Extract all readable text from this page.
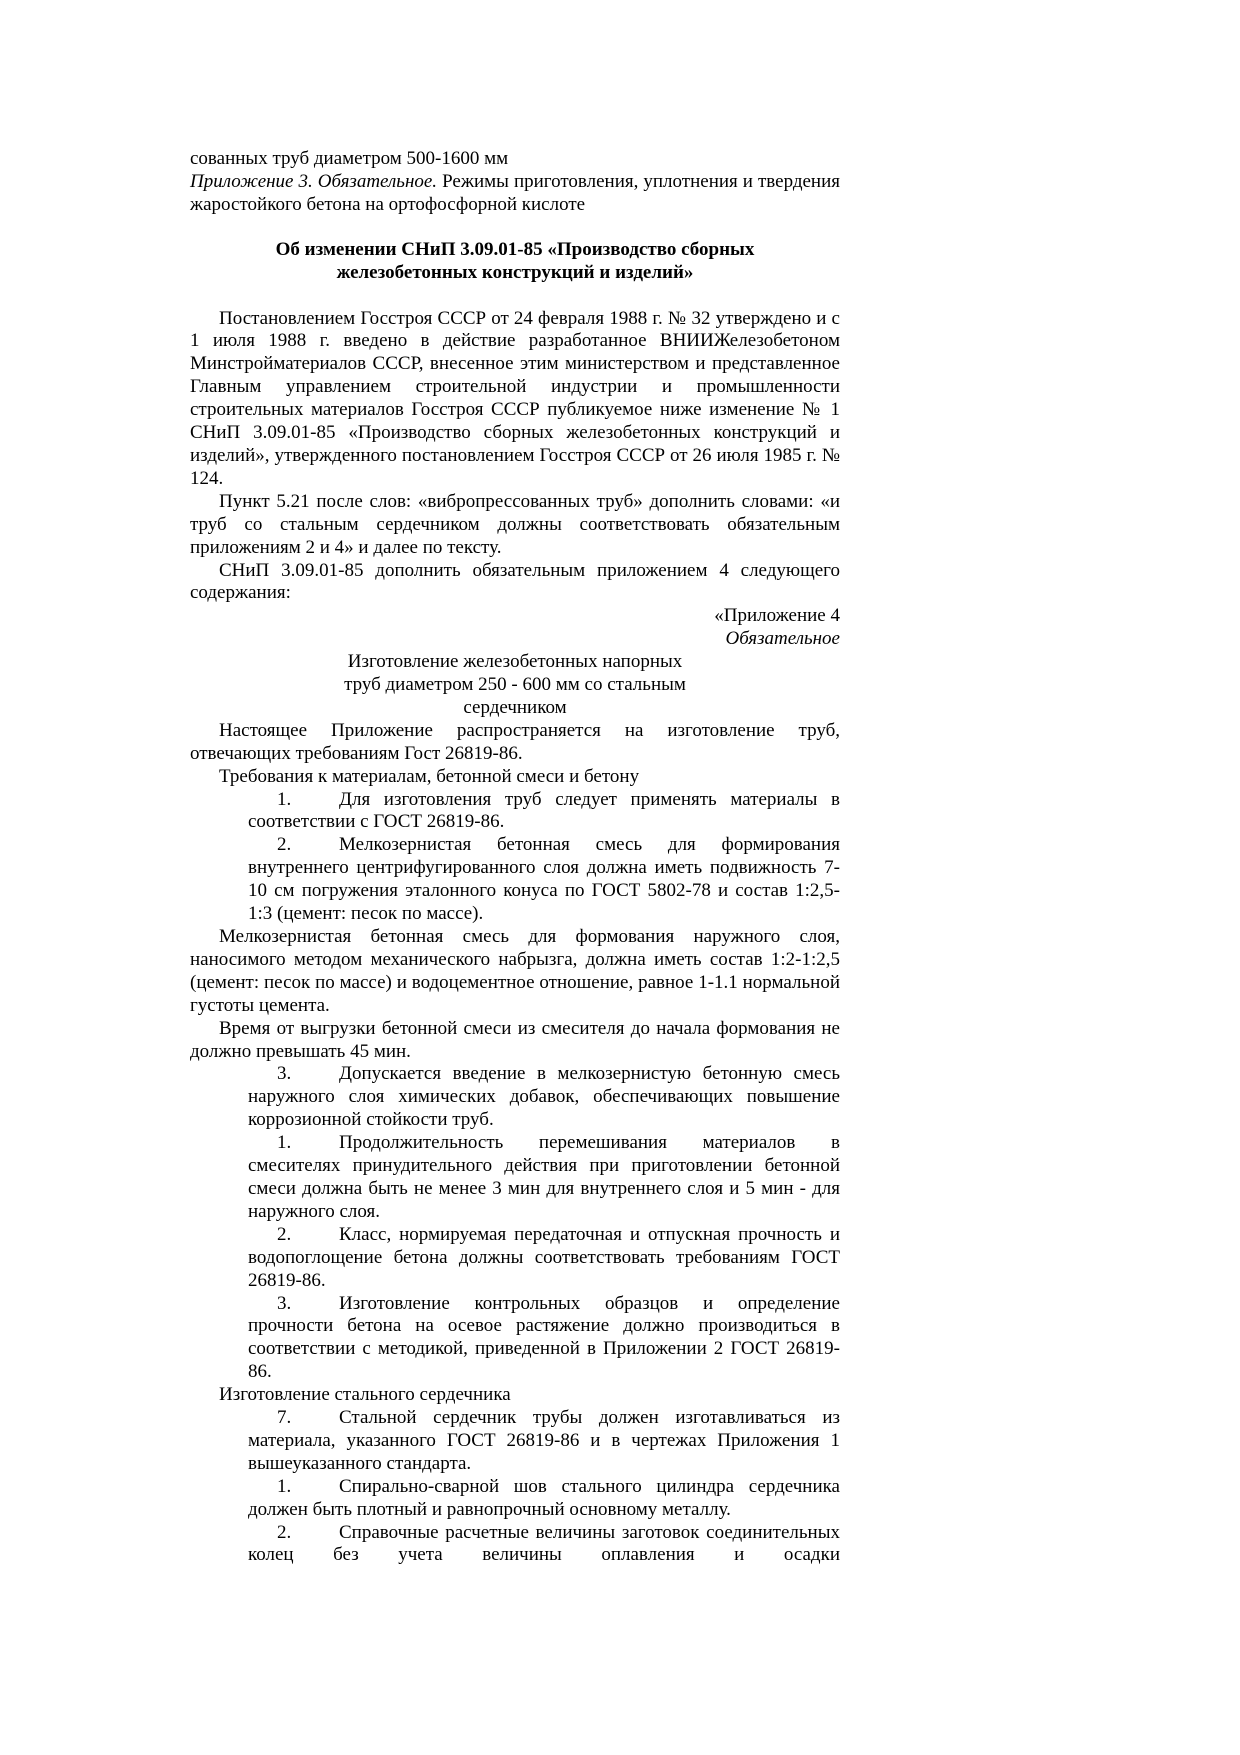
сованных труб диаметром 500-1600 мм

Приложение 3. Обязательное. Режимы приготовления, уплотнения и твердения жаростойкого бетона на ортофосфорной кислоте

Об изменении СНиП 3.09.01-85 «Производство сборных
железобетонных конструкций и изделий»

Постановлением Госстроя СССР от 24 февраля 1988 г. № 32 утверждено и с 1 июля 1988 г. введено в действие разработанное ВНИИЖелезобетоном Минстройматериалов СССР, внесенное этим министерством и представленное Главным управлением строительной индустрии и промышленности строительных материалов Госстроя СССР публикуемое ниже изменение № 1 СНиП 3.09.01-85 «Производство сборных железобетонных конструкций и изделий», утвержденного постановлением Госстроя СССР от 26 июля 1985 г. № 124.

Пункт 5.21 после слов: «вибропрессованных труб» дополнить словами: «и труб со стальным сердечником должны соответствовать обязательным приложениям 2 и 4» и далее по тексту.

СНиП 3.09.01-85 дополнить обязательным приложением 4 следующего содержания:

«Приложение 4

Обязательное

Изготовление железобетонных напорных
труб диаметром 250 - 600 мм со стальным
сердечником

Настоящее Приложение распространяется на изготовление труб, отвечающих требованиям Гост 26819-86.

Требования к материалам, бетонной смеси и бетону

1.	Для изготовления труб следует применять материалы в соответствии с ГОСТ 26819-86.

2.	Мелкозернистая бетонная смесь для формирования внутреннего центрифугированного слоя должна иметь подвижность 7-10 см погружения эталонного конуса по ГОСТ 5802-78 и состав 1:2,5-1:3 (цемент: песок по массе).

Мелкозернистая бетонная смесь для формования наружного слоя, наносимого методом механического набрызга, должна иметь состав 1:2-1:2,5 (цемент: песок по массе) и водоцементное отношение, равное 1-1.1 нормальной густоты цемента.

Время от выгрузки бетонной смеси из смесителя до начала формования не должно превышать 45 мин.

3.	Допускается введение в мелкозернистую бетонную смесь наружного слоя химических добавок, обеспечивающих повышение коррозионной стойкости труб.

1.	Продолжительность перемешивания материалов в смесителях принудительного действия при приготовлении бетонной смеси должна быть не менее 3 мин для внутреннего слоя и 5 мин - для наружного слоя.

2.	Класс, нормируемая передаточная и отпускная прочность и водопоглощение бетона должны соответствовать требованиям ГОСТ 26819-86.

3.	Изготовление контрольных образцов и определение прочности бетона на осевое растяжение должно производиться в соответствии с методикой, приведенной в Приложении 2 ГОСТ 26819-86.

Изготовление стального сердечника

7.	Стальной сердечник трубы должен изготавливаться из материала, указанного ГОСТ 26819-86 и в чертежах Приложения 1 вышеуказанного стандарта.

1.	Спирально-сварной шов стального цилиндра сердечника должен быть плотный и равнопрочный основному металлу.

2.	Справочные расчетные величины заготовок соединительных колец без учета величины оплавления и осадки
